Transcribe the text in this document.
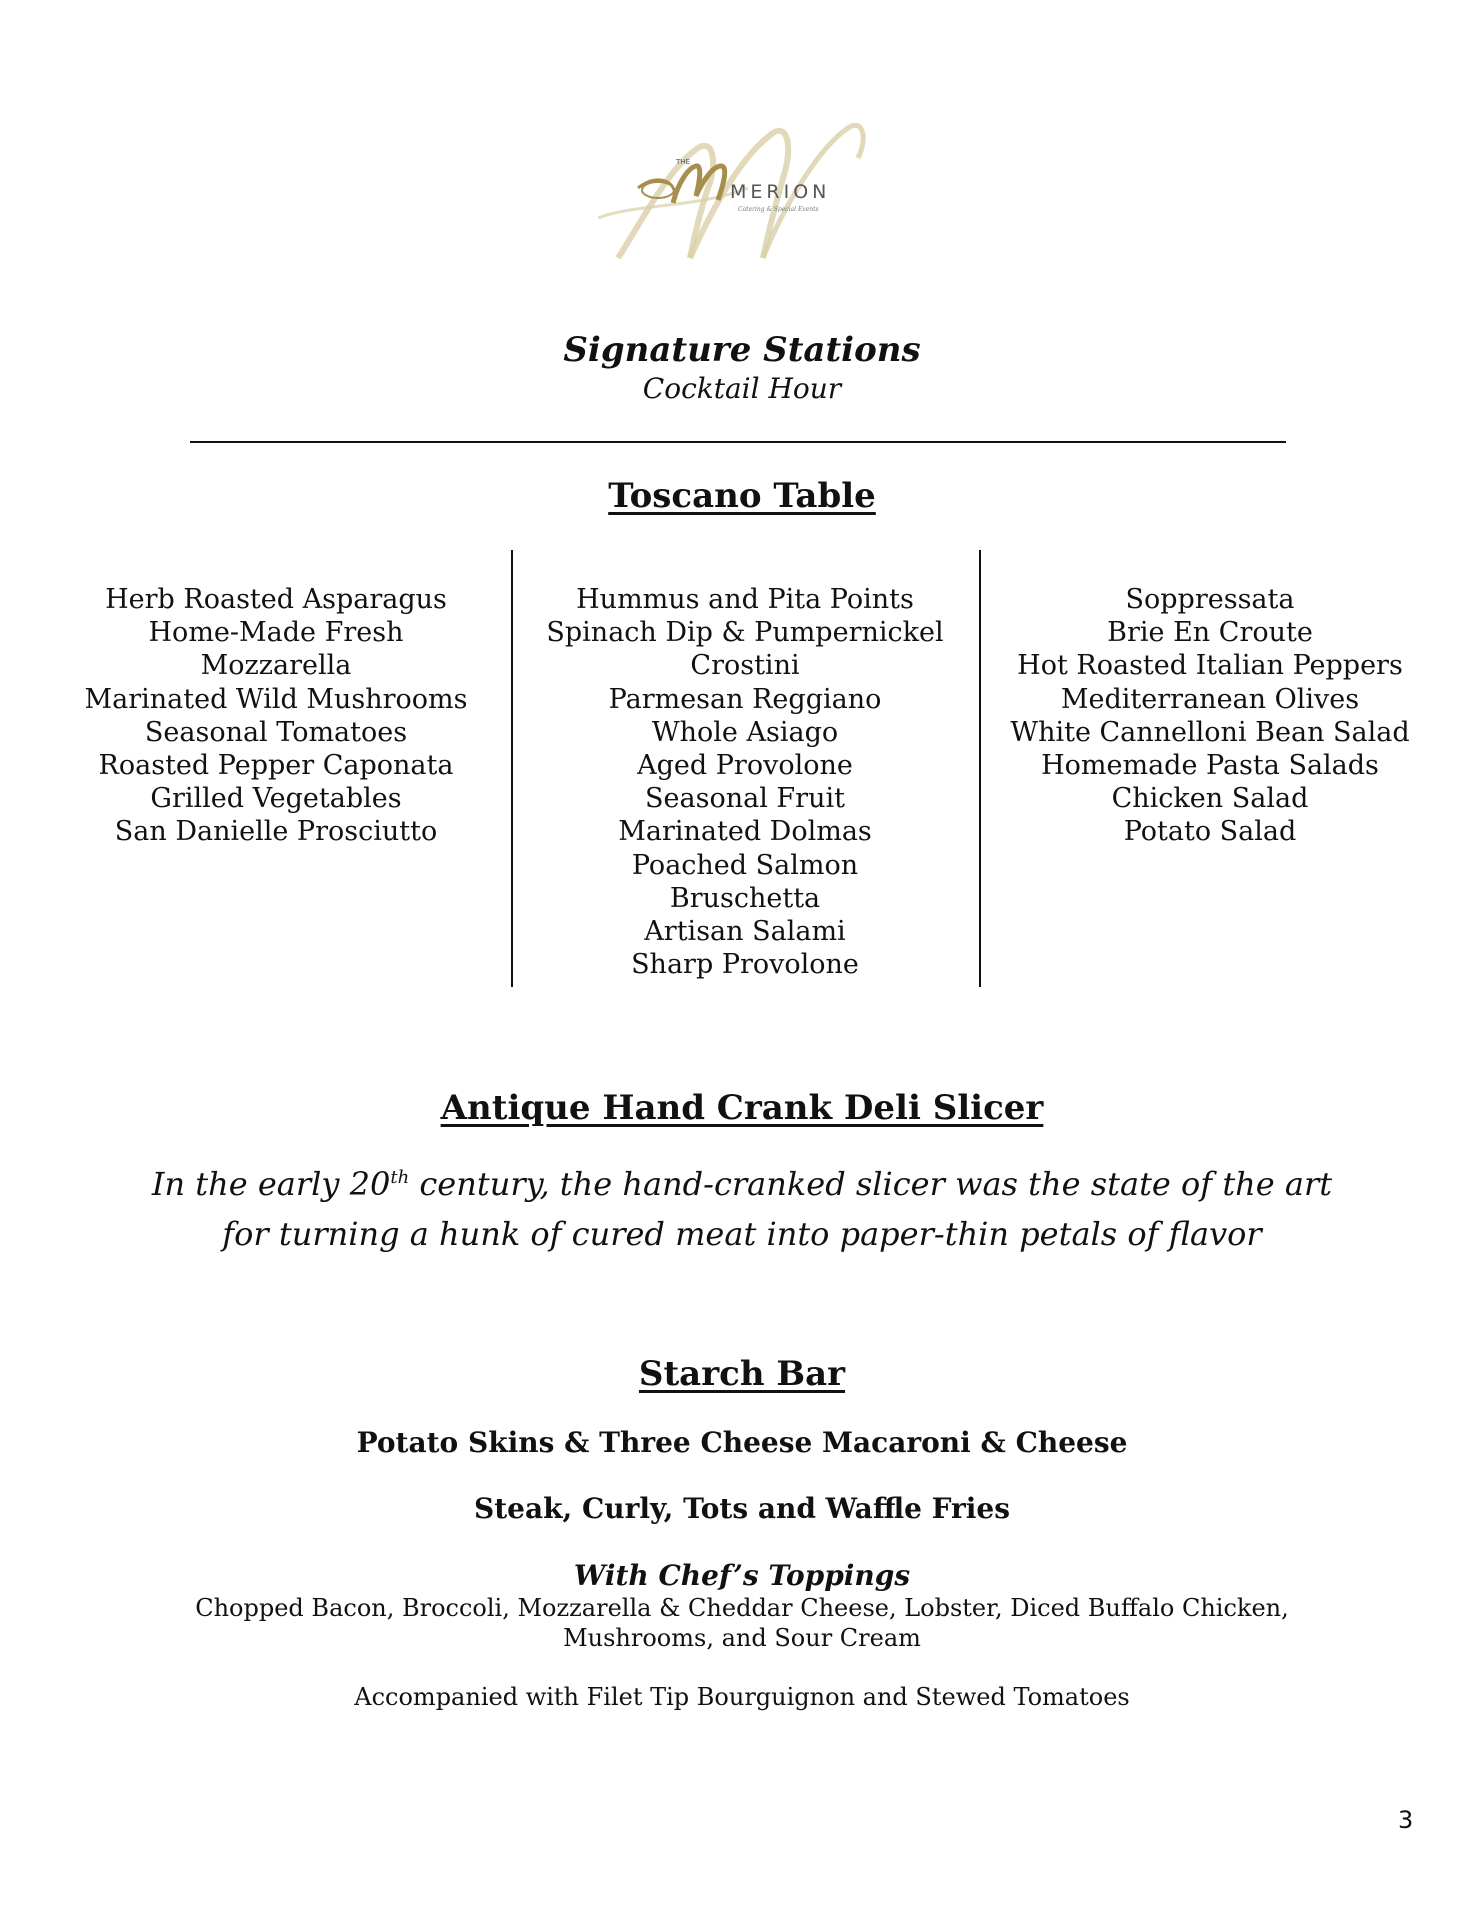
THE
MERION
Catering & Special Events
Signature Stations
Cocktail Hour
Toscano Table
Herb Roasted Asparagus
Home-Made Fresh
Mozzarella
Marinated Wild Mushrooms
Seasonal Tomatoes
Roasted Pepper Caponata
Grilled Vegetables
San Danielle Prosciutto
Hummus and Pita Points
Spinach Dip & Pumpernickel
Crostini
Parmesan Reggiano
Whole Asiago
Aged Provolone
Seasonal Fruit
Marinated Dolmas
Poached Salmon
Bruschetta
Artisan Salami
Sharp Provolone
Soppressata
Brie En Croute
Hot Roasted Italian Peppers
Mediterranean Olives
White Cannelloni Bean Salad
Homemade Pasta Salads
Chicken Salad
Potato Salad
Antique Hand Crank Deli Slicer
In the early 20th century, the hand-cranked slicer was the state of the art
for turning a hunk of cured meat into paper-thin petals of flavor
Starch Bar
Potato Skins & Three Cheese Macaroni & Cheese
Steak, Curly, Tots and Waffle Fries
With Chef’s Toppings
Chopped Bacon, Broccoli, Mozzarella & Cheddar Cheese, Lobster, Diced Buffalo Chicken,
Mushrooms, and Sour Cream
Accompanied with Filet Tip Bourguignon and Stewed Tomatoes
3
